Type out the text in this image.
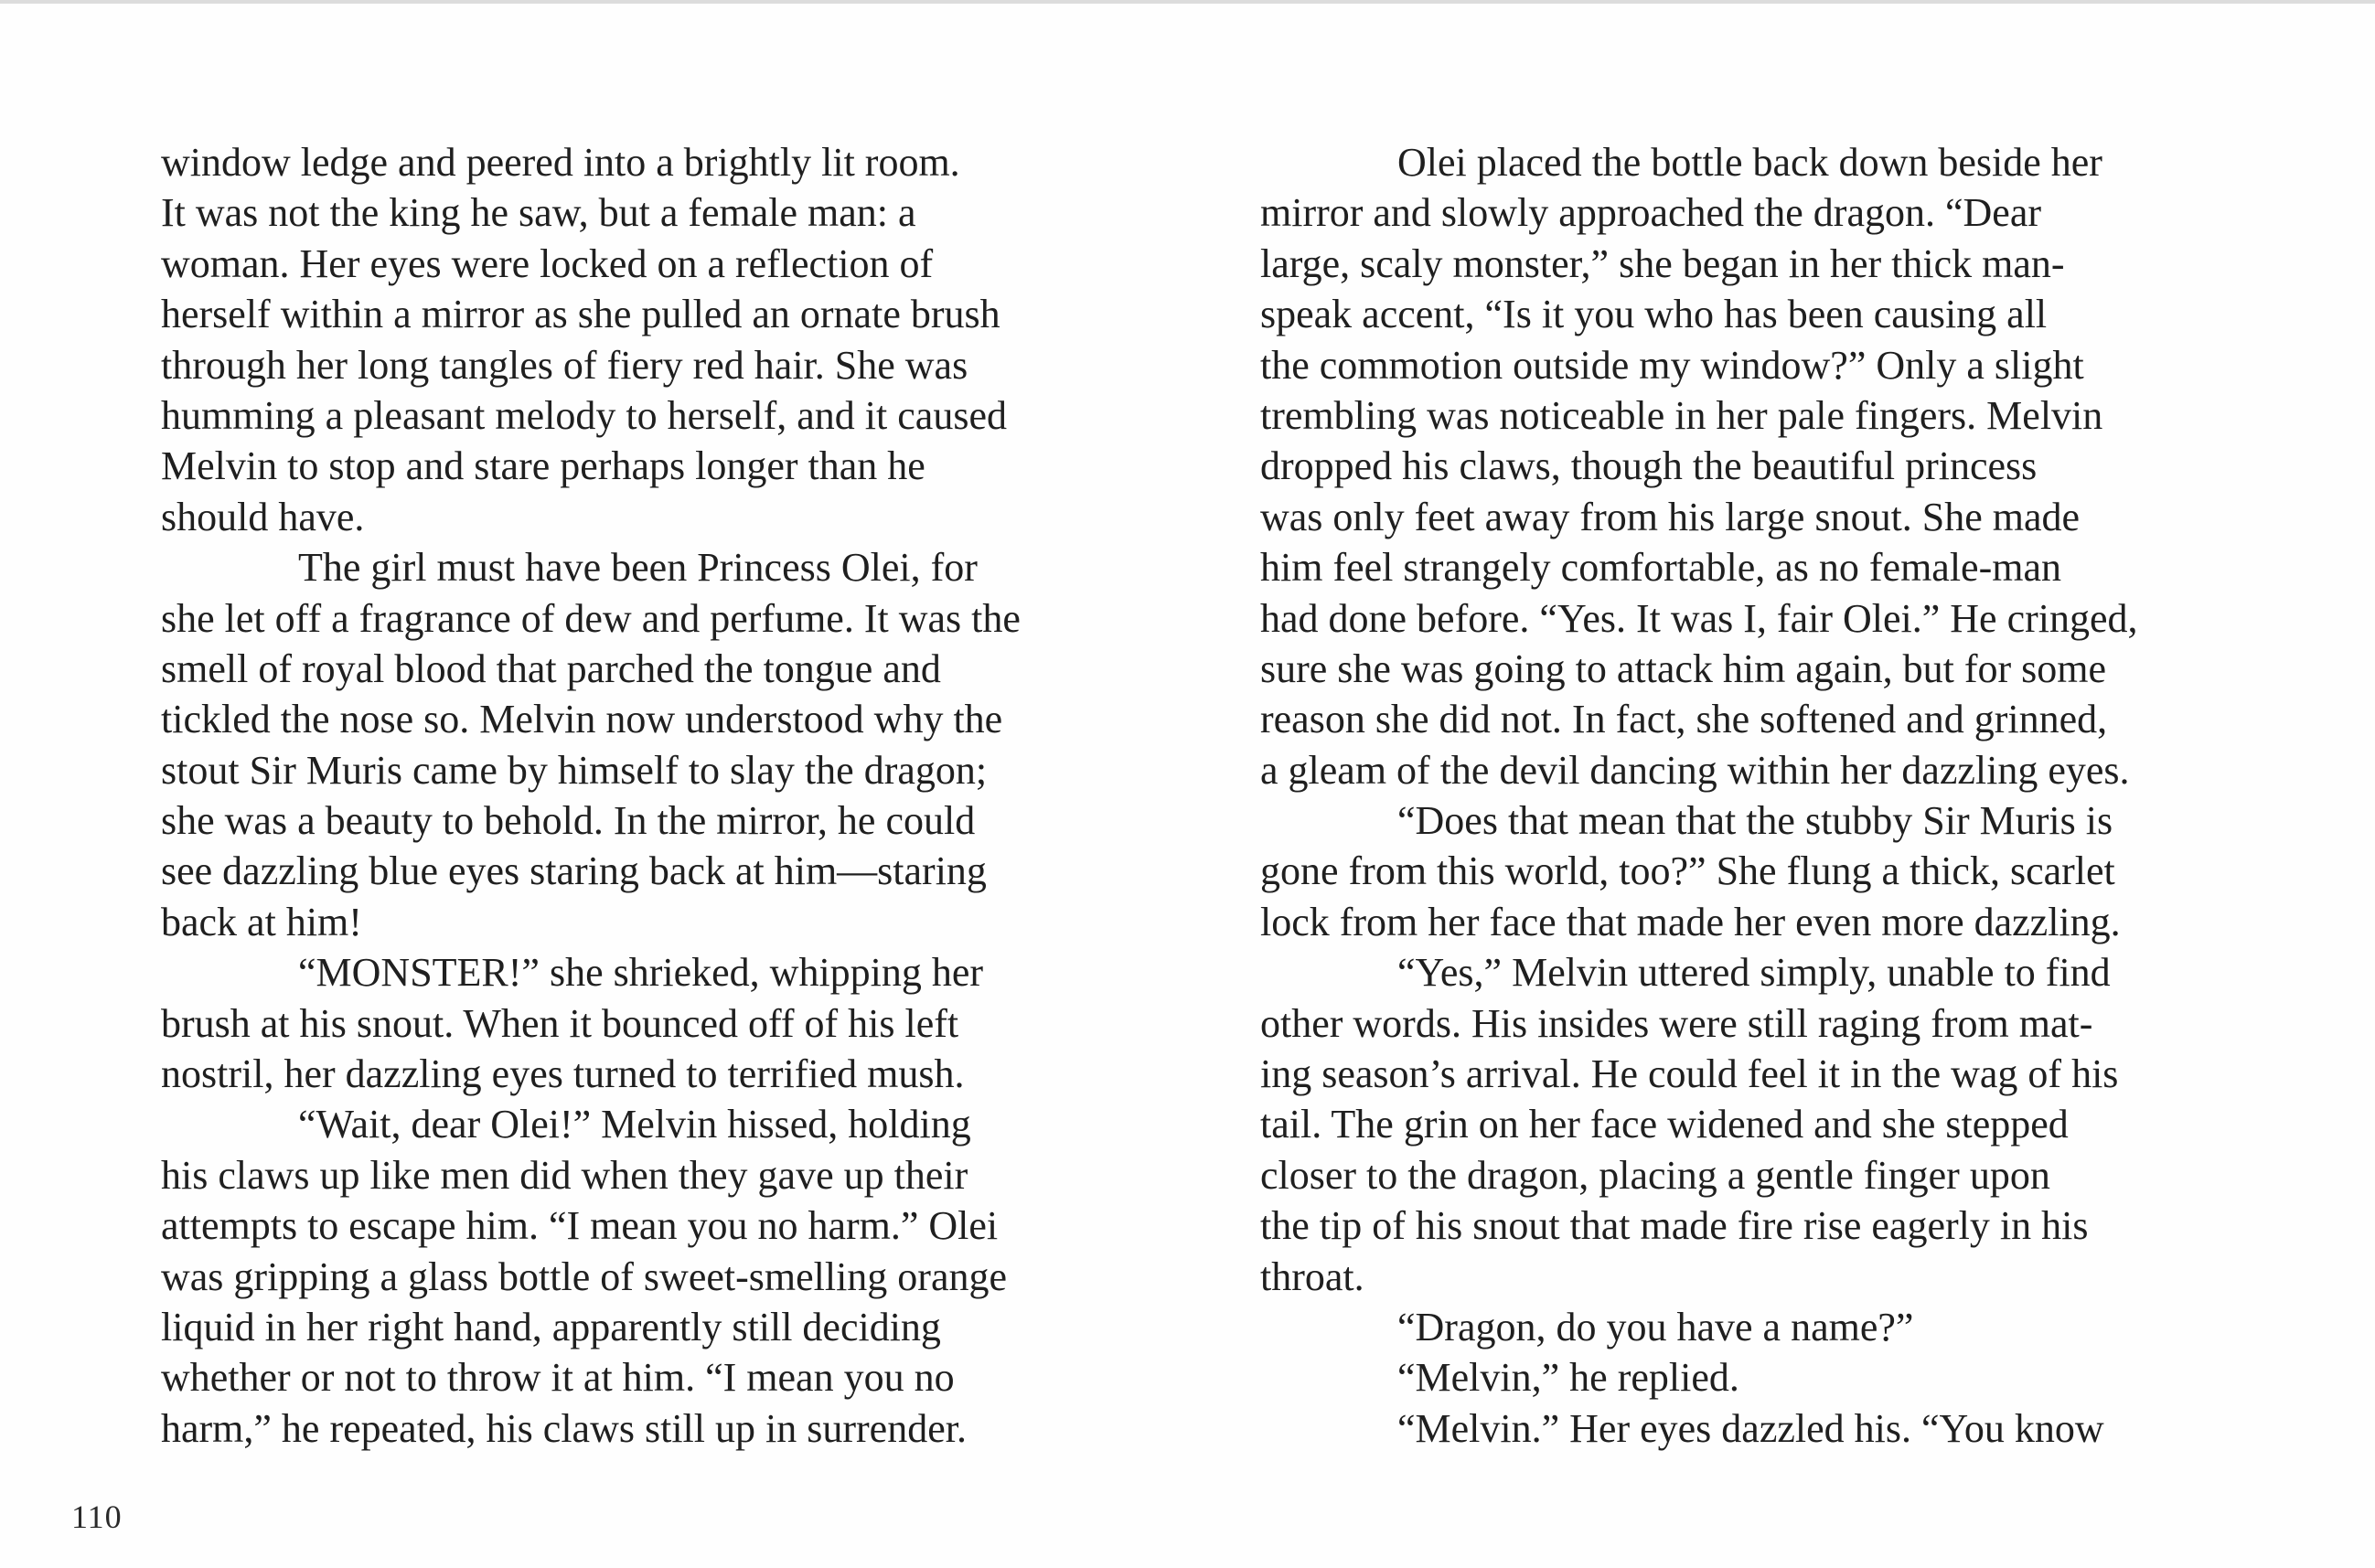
window ledge and peered into a brightly lit room.
It was not the king he saw, but a female man: a
woman. Her eyes were locked on a reflection of
herself within a mirror as she pulled an ornate brush
through her long tangles of fiery red hair. She was
humming a pleasant melody to herself, and it caused
Melvin to stop and stare perhaps longer than he
should have.
The girl must have been Princess Olei, for
she let off a fragrance of dew and perfume. It was the
smell of royal blood that parched the tongue and
tickled the nose so. Melvin now understood why the
stout Sir Muris came by himself to slay the dragon;
she was a beauty to behold. In the mirror, he could
see dazzling blue eyes staring back at him—staring
back at him!
“MONSTER!” she shrieked, whipping her
brush at his snout. When it bounced off of his left
nostril, her dazzling eyes turned to terrified mush.
“Wait, dear Olei!” Melvin hissed, holding
his claws up like men did when they gave up their
attempts to escape him. “I mean you no harm.” Olei
was gripping a glass bottle of sweet-smelling orange
liquid in her right hand, apparently still deciding
whether or not to throw it at him. “I mean you no
harm,” he repeated, his claws still up in surrender.
Olei placed the bottle back down beside her
mirror and slowly approached the dragon. “Dear
large, scaly monster,” she began in her thick man-
speak accent, “Is it you who has been causing all
the commotion outside my window?” Only a slight
trembling was noticeable in her pale fingers. Melvin
dropped his claws, though the beautiful princess
was only feet away from his large snout. She made
him feel strangely comfortable, as no female-man
had done before. “Yes. It was I, fair Olei.” He cringed,
sure she was going to attack him again, but for some
reason she did not. In fact, she softened and grinned,
a gleam of the devil dancing within her dazzling eyes.
“Does that mean that the stubby Sir Muris is
gone from this world, too?” She flung a thick, scarlet
lock from her face that made her even more dazzling.
“Yes,” Melvin uttered simply, unable to find
other words. His insides were still raging from mat-
ing season’s arrival. He could feel it in the wag of his
tail. The grin on her face widened and she stepped
closer to the dragon, placing a gentle finger upon
the tip of his snout that made fire rise eagerly in his
throat.
“Dragon, do you have a name?”
“Melvin,” he replied.
“Melvin.” Her eyes dazzled his. “You know
110
